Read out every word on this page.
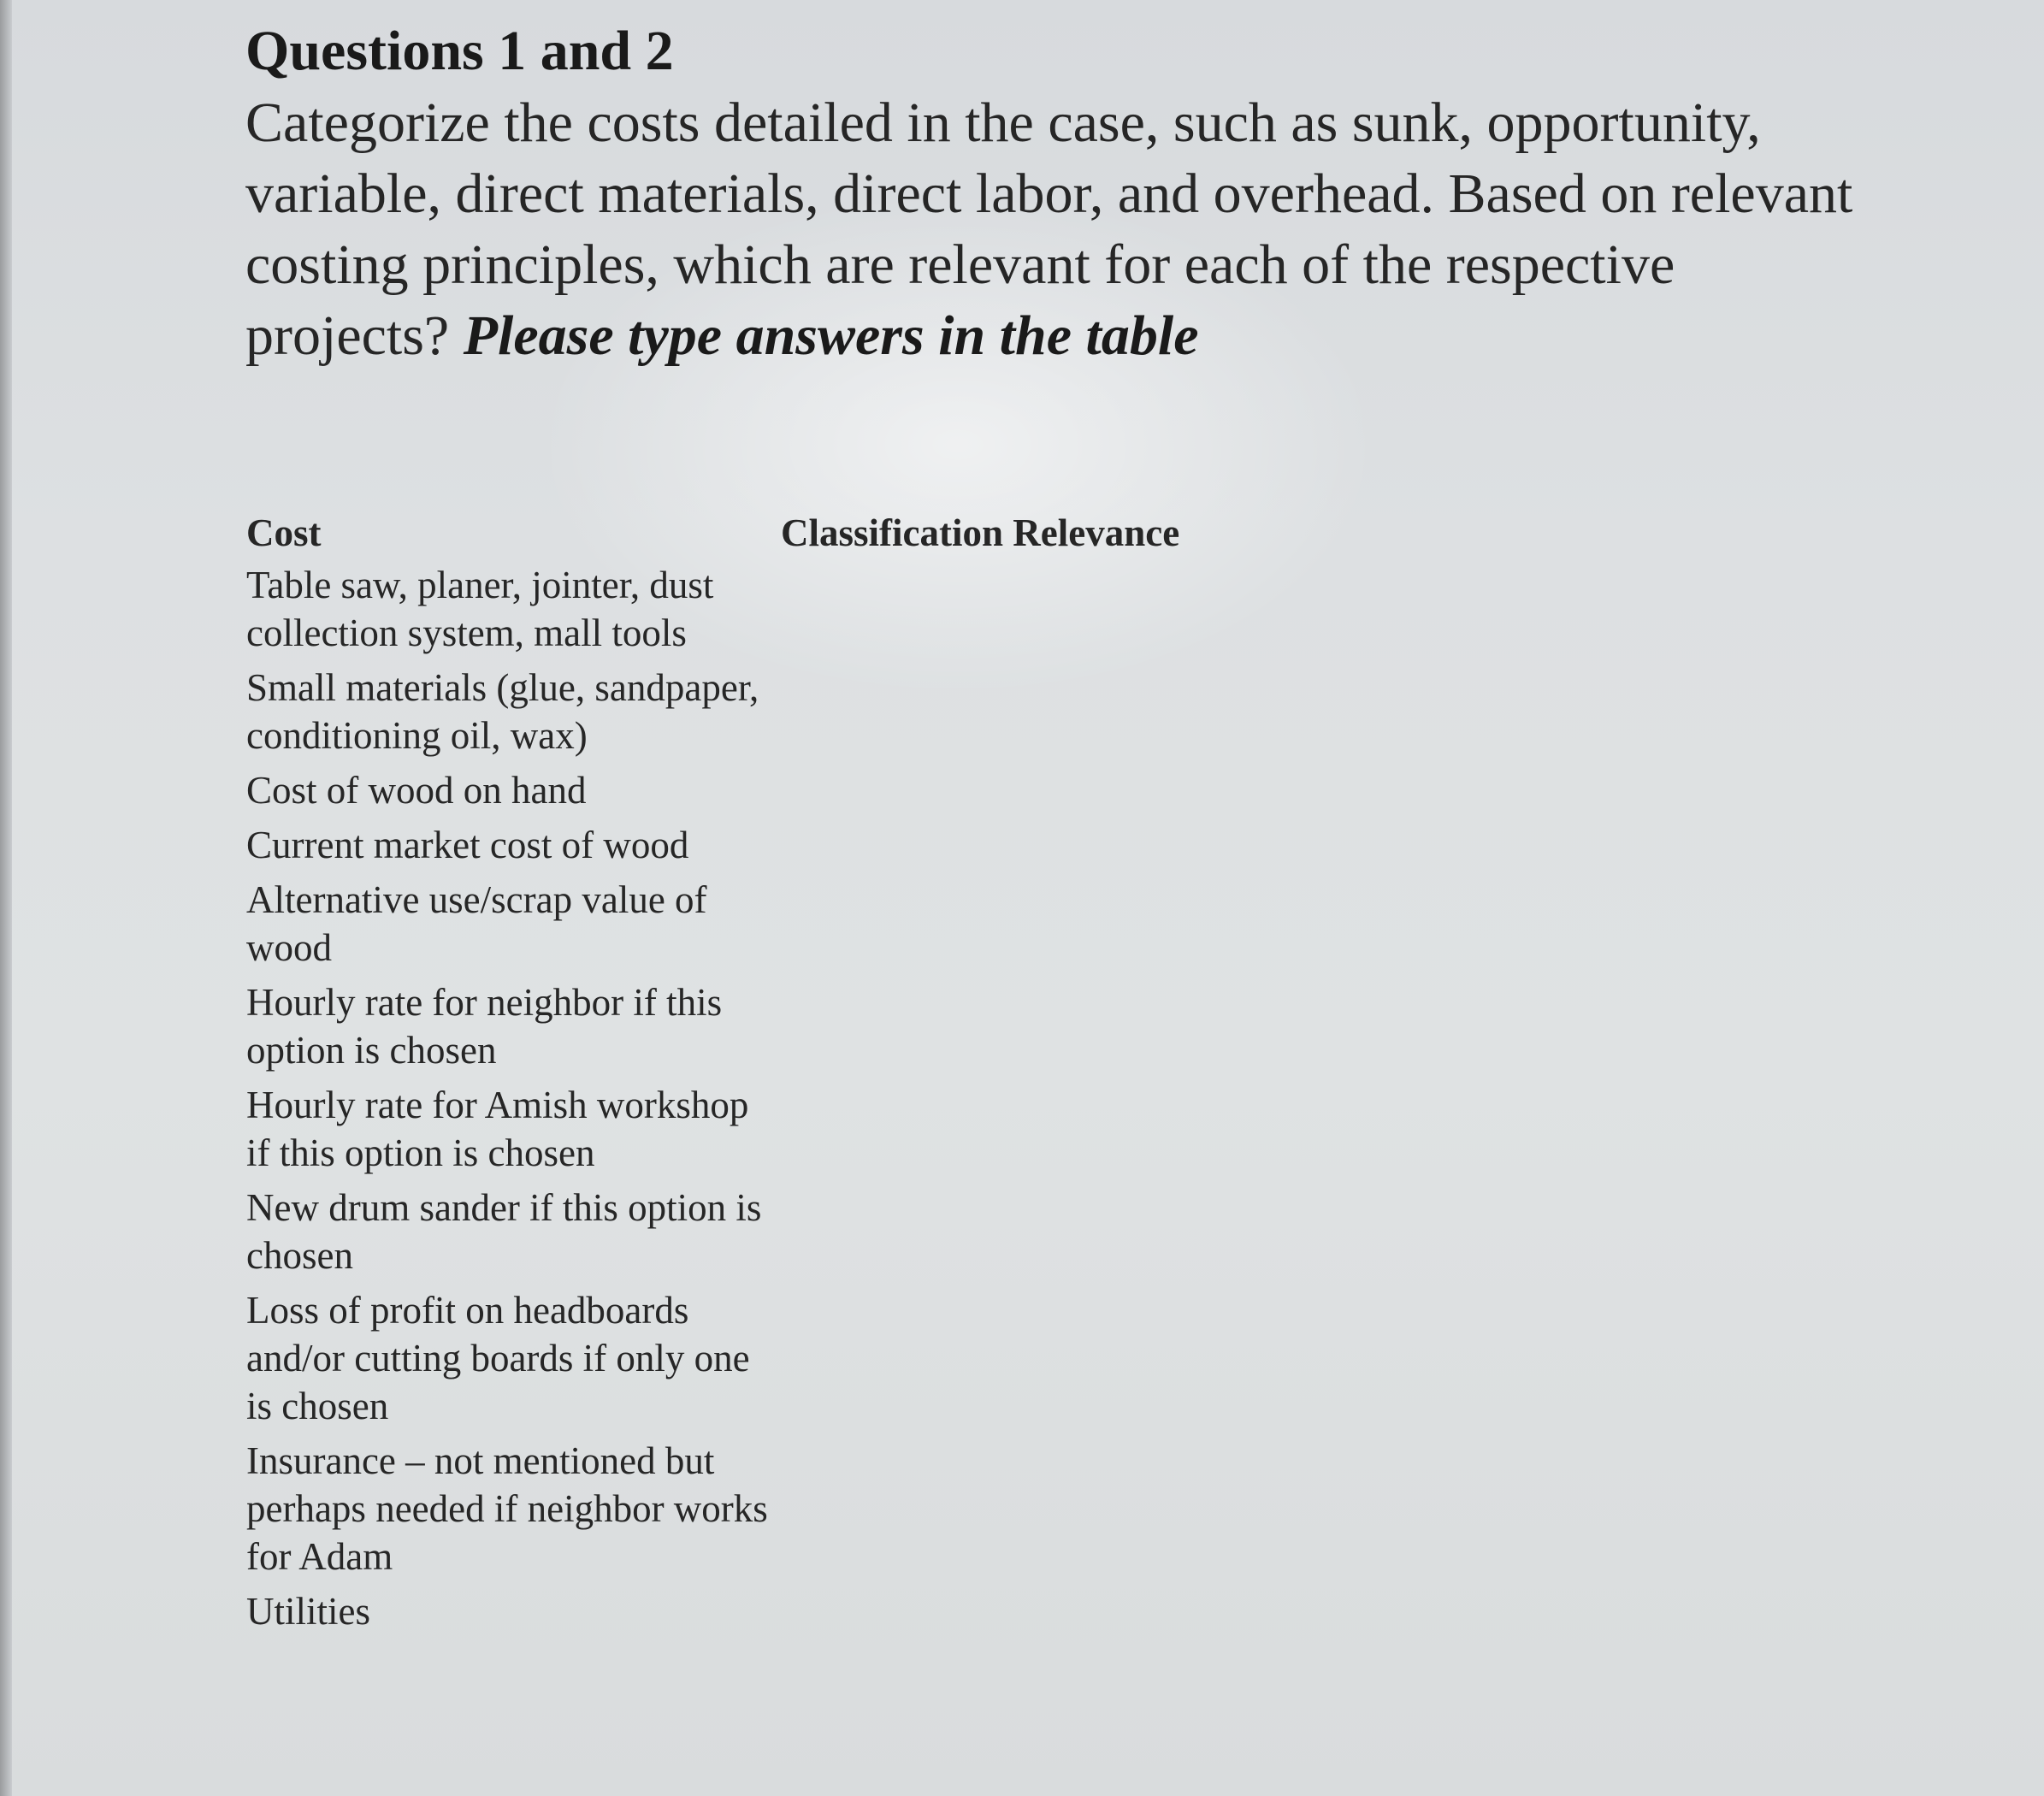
Questions 1 and 2

Categorize the costs detailed in the case, such as sunk, opportunity, variable, direct materials, direct labor, and overhead. Based on relevant costing principles, which are relevant for each of the respective projects? Please type answers in the table

Cost	Classification Relevance
Table saw, planer, jointer, dust collection system, mall tools
Small materials (glue, sandpaper, conditioning oil, wax)
Cost of wood on hand
Current market cost of wood
Alternative use/scrap value of wood
Hourly rate for neighbor if this option is chosen
Hourly rate for Amish workshop if this option is chosen
New drum sander if this option is chosen
Loss of profit on headboards and/or cutting boards if only one is chosen
Insurance – not mentioned but perhaps needed if neighbor works for Adam
Utilities
